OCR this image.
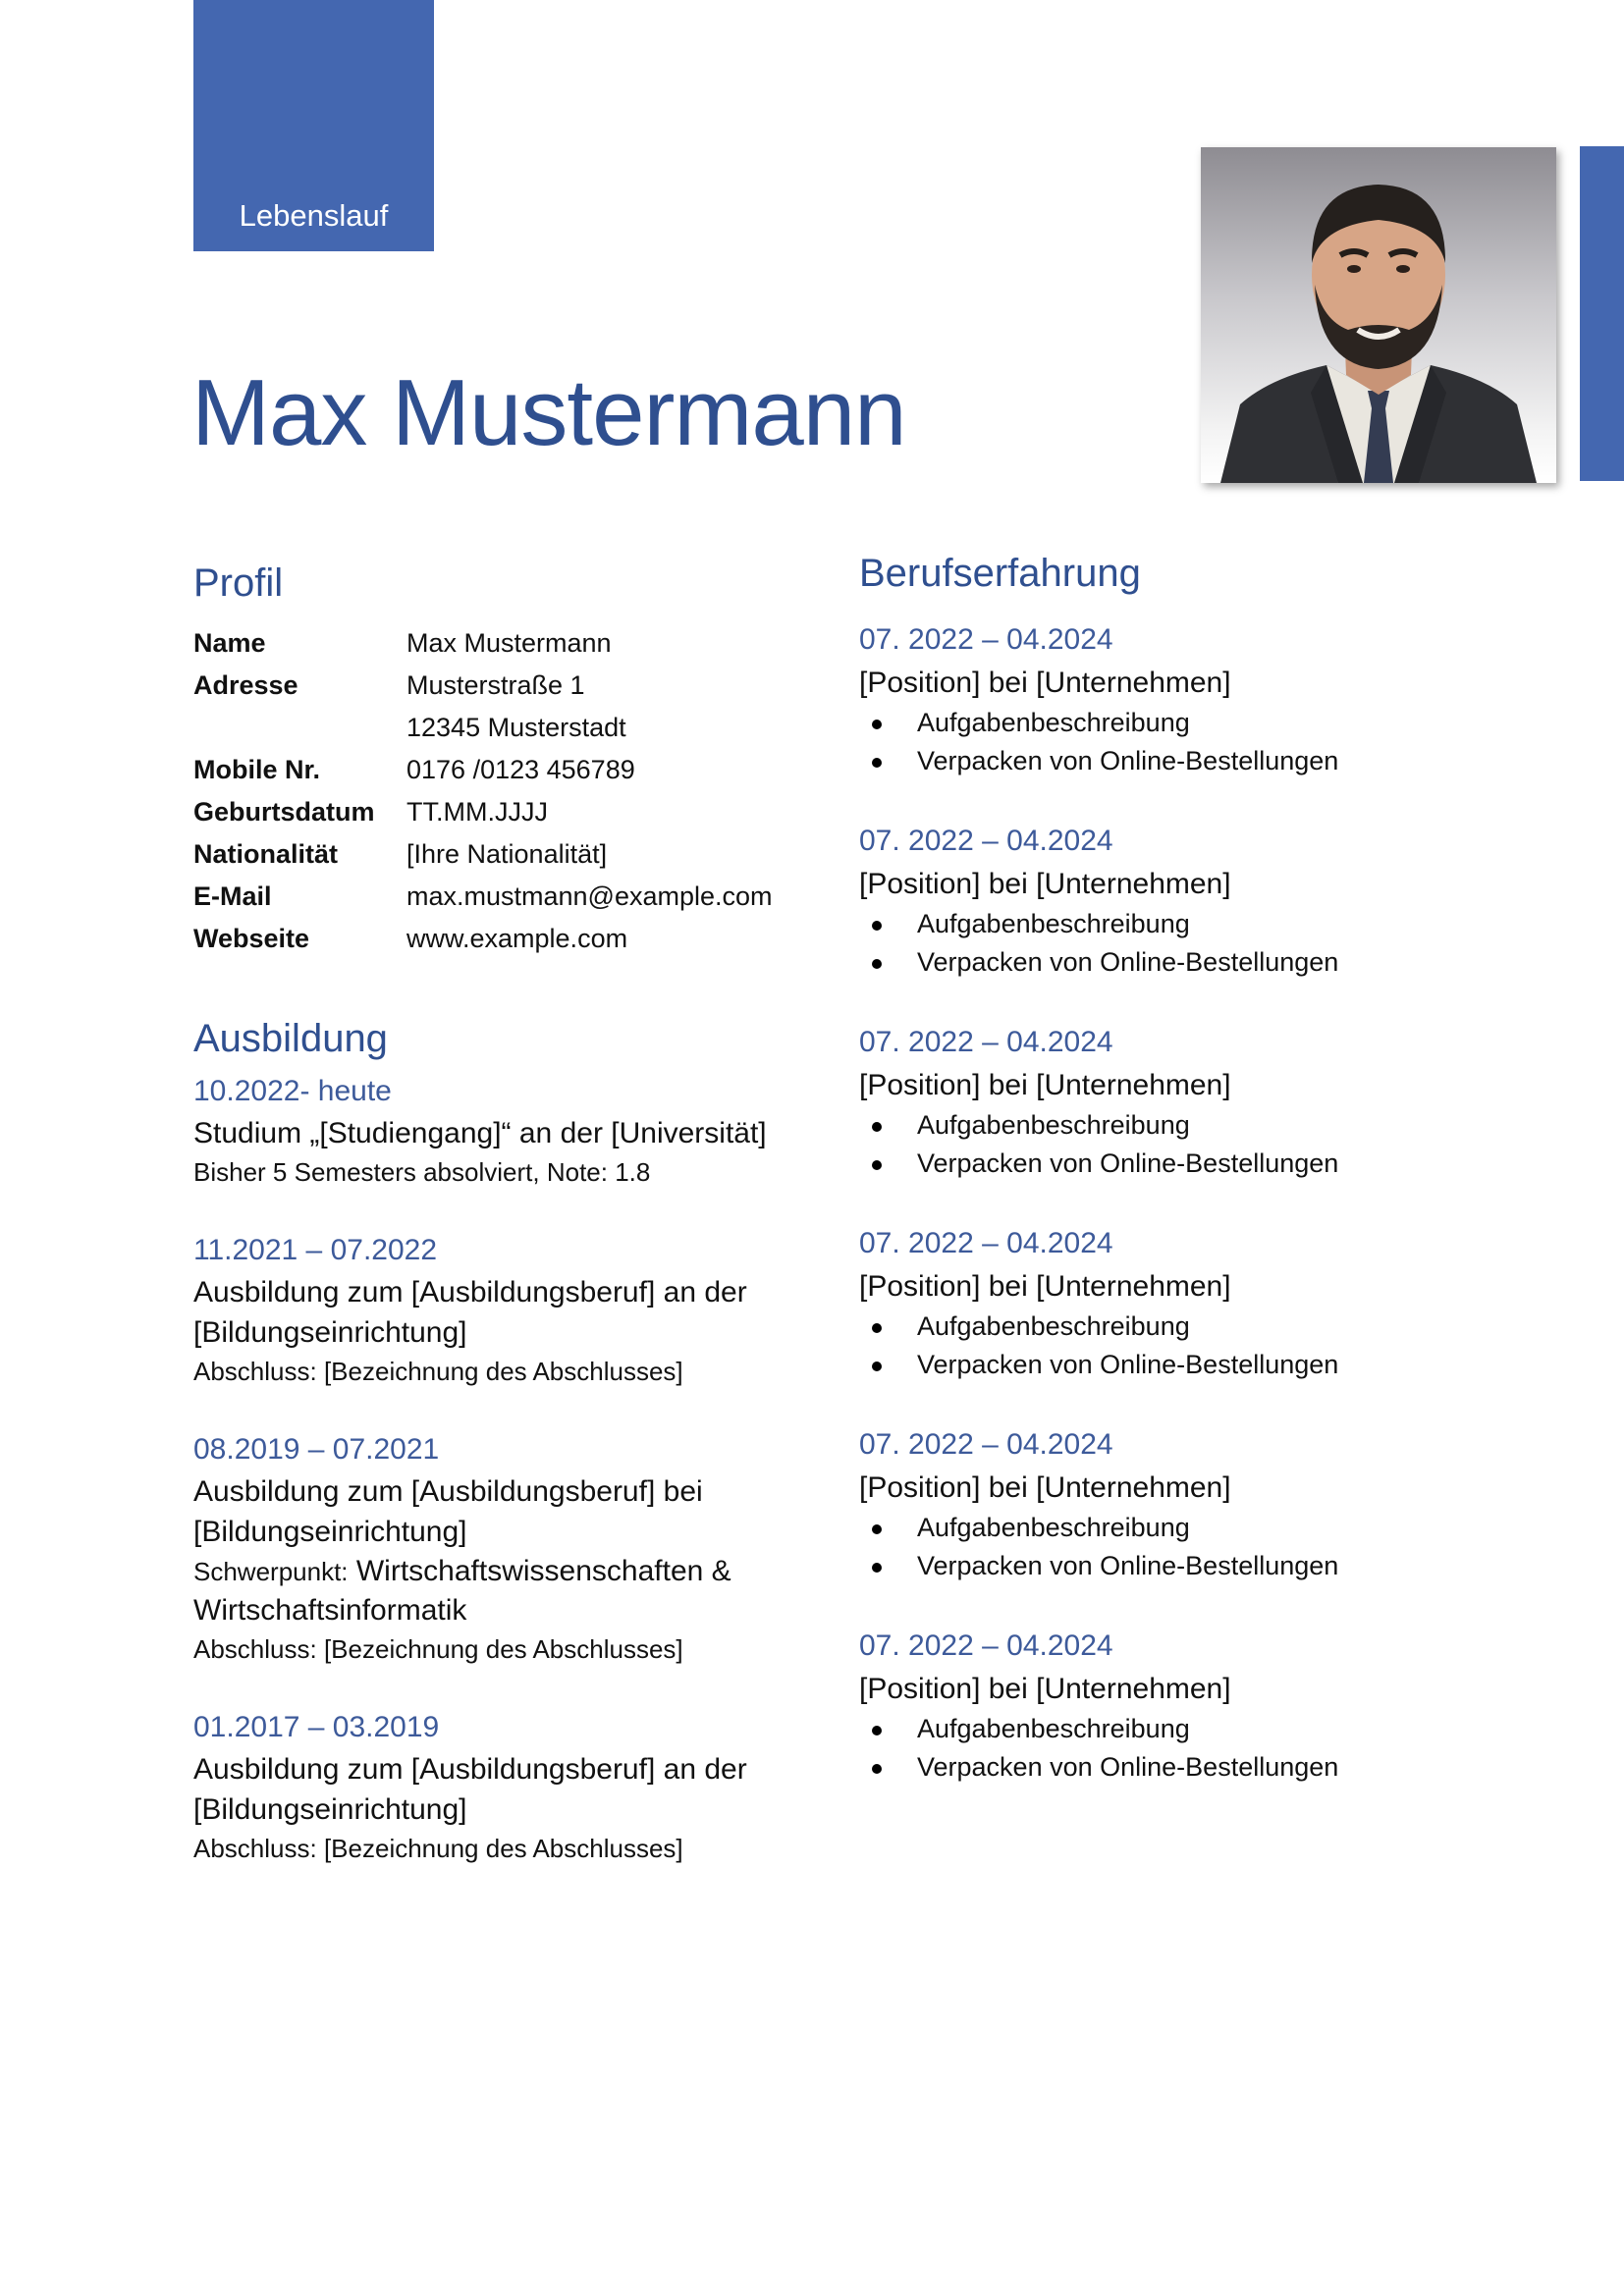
Lebenslauf
Max Mustermann
Profil
Name	Max Mustermann
Adresse	Musterstraße 1
	12345 Musterstadt
Mobile Nr.	0176 /0123 456789
Geburtsdatum	TT.MM.JJJJ
Nationalität	[Ihre Nationalität]
E-Mail	max.mustmann@example.com
Webseite	www.example.com
Ausbildung
10.2022- heute
Studium „[Studiengang]“ an der [Universität]
Bisher 5 Semesters absolviert, Note: 1.8
11.2021 – 07.2022
Ausbildung zum [Ausbildungsberuf] an der [Bildungseinrichtung]
Abschluss: [Bezeichnung des Abschlusses]
08.2019 – 07.2021
Ausbildung zum [Ausbildungsberuf] bei [Bildungseinrichtung]
Schwerpunkt: Wirtschaftswissenschaften & Wirtschaftsinformatik
Abschluss: [Bezeichnung des Abschlusses]
01.2017 – 03.2019
Ausbildung zum [Ausbildungsberuf] an der [Bildungseinrichtung]
Abschluss: [Bezeichnung des Abschlusses]
Berufserfahrung
07. 2022 – 04.2024
[Position] bei [Unternehmen]
Aufgabenbeschreibung
Verpacken von Online-Bestellungen
07. 2022 – 04.2024
[Position] bei [Unternehmen]
Aufgabenbeschreibung
Verpacken von Online-Bestellungen
07. 2022 – 04.2024
[Position] bei [Unternehmen]
Aufgabenbeschreibung
Verpacken von Online-Bestellungen
07. 2022 – 04.2024
[Position] bei [Unternehmen]
Aufgabenbeschreibung
Verpacken von Online-Bestellungen
07. 2022 – 04.2024
[Position] bei [Unternehmen]
Aufgabenbeschreibung
Verpacken von Online-Bestellungen
07. 2022 – 04.2024
[Position] bei [Unternehmen]
Aufgabenbeschreibung
Verpacken von Online-Bestellungen
